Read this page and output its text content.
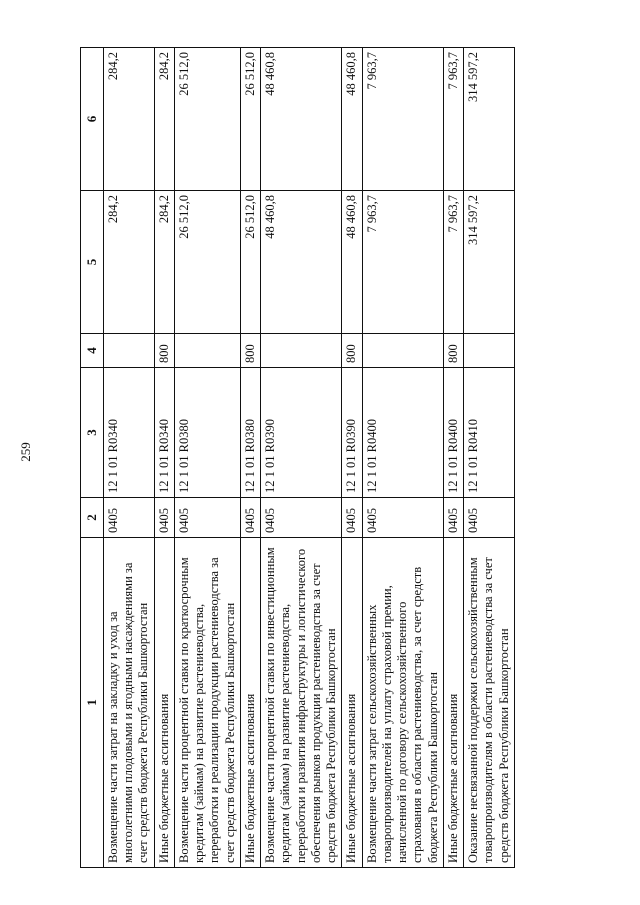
259
1	2	3	4	5	6
Возмещение части затрат на закладку и уход за многолетними плодовыми и ягодными насаждениями за счет средств бюджета Республики Башкортостан	0405	12 1 01 R0340		284,2	284,2
Иные бюджетные ассигнования	0405	12 1 01 R0340	800	284,2	284,2
Возмещение части процентной ставки по краткосрочным кредитам (займам) на развитие растениеводства, переработки и реализации продукции растениеводства за счет средств бюджета Республики Башкортостан	0405	12 1 01 R0380		26 512,0	26 512,0
Иные бюджетные ассигнования	0405	12 1 01 R0380	800	26 512,0	26 512,0
Возмещение части процентной ставки по инвестиционным кредитам (займам) на развитие растениеводства, переработки и развития инфраструктуры и логистического обеспечения рынков продукции растениеводства за счет средств бюджета Республики Башкортостан	0405	12 1 01 R0390		48 460,8	48 460,8
Иные бюджетные ассигнования	0405	12 1 01 R0390	800	48 460,8	48 460,8
Возмещение части затрат сельскохозяйственных товаропроизводителей на уплату страховой премии, начисленной по договору сельскохозяйственного страхования в области растениеводства, за счет средств бюджета Республики Башкортостан	0405	12 1 01 R0400		7 963,7	7 963,7
Иные бюджетные ассигнования	0405	12 1 01 R0400	800	7 963,7	7 963,7
Оказание несвязанной поддержки сельскохозяйственным товаропроизводителям в области растениеводства за счет средств бюджета Республики Башкортостан	0405	12 1 01 R0410		314 597,2	314 597,2
